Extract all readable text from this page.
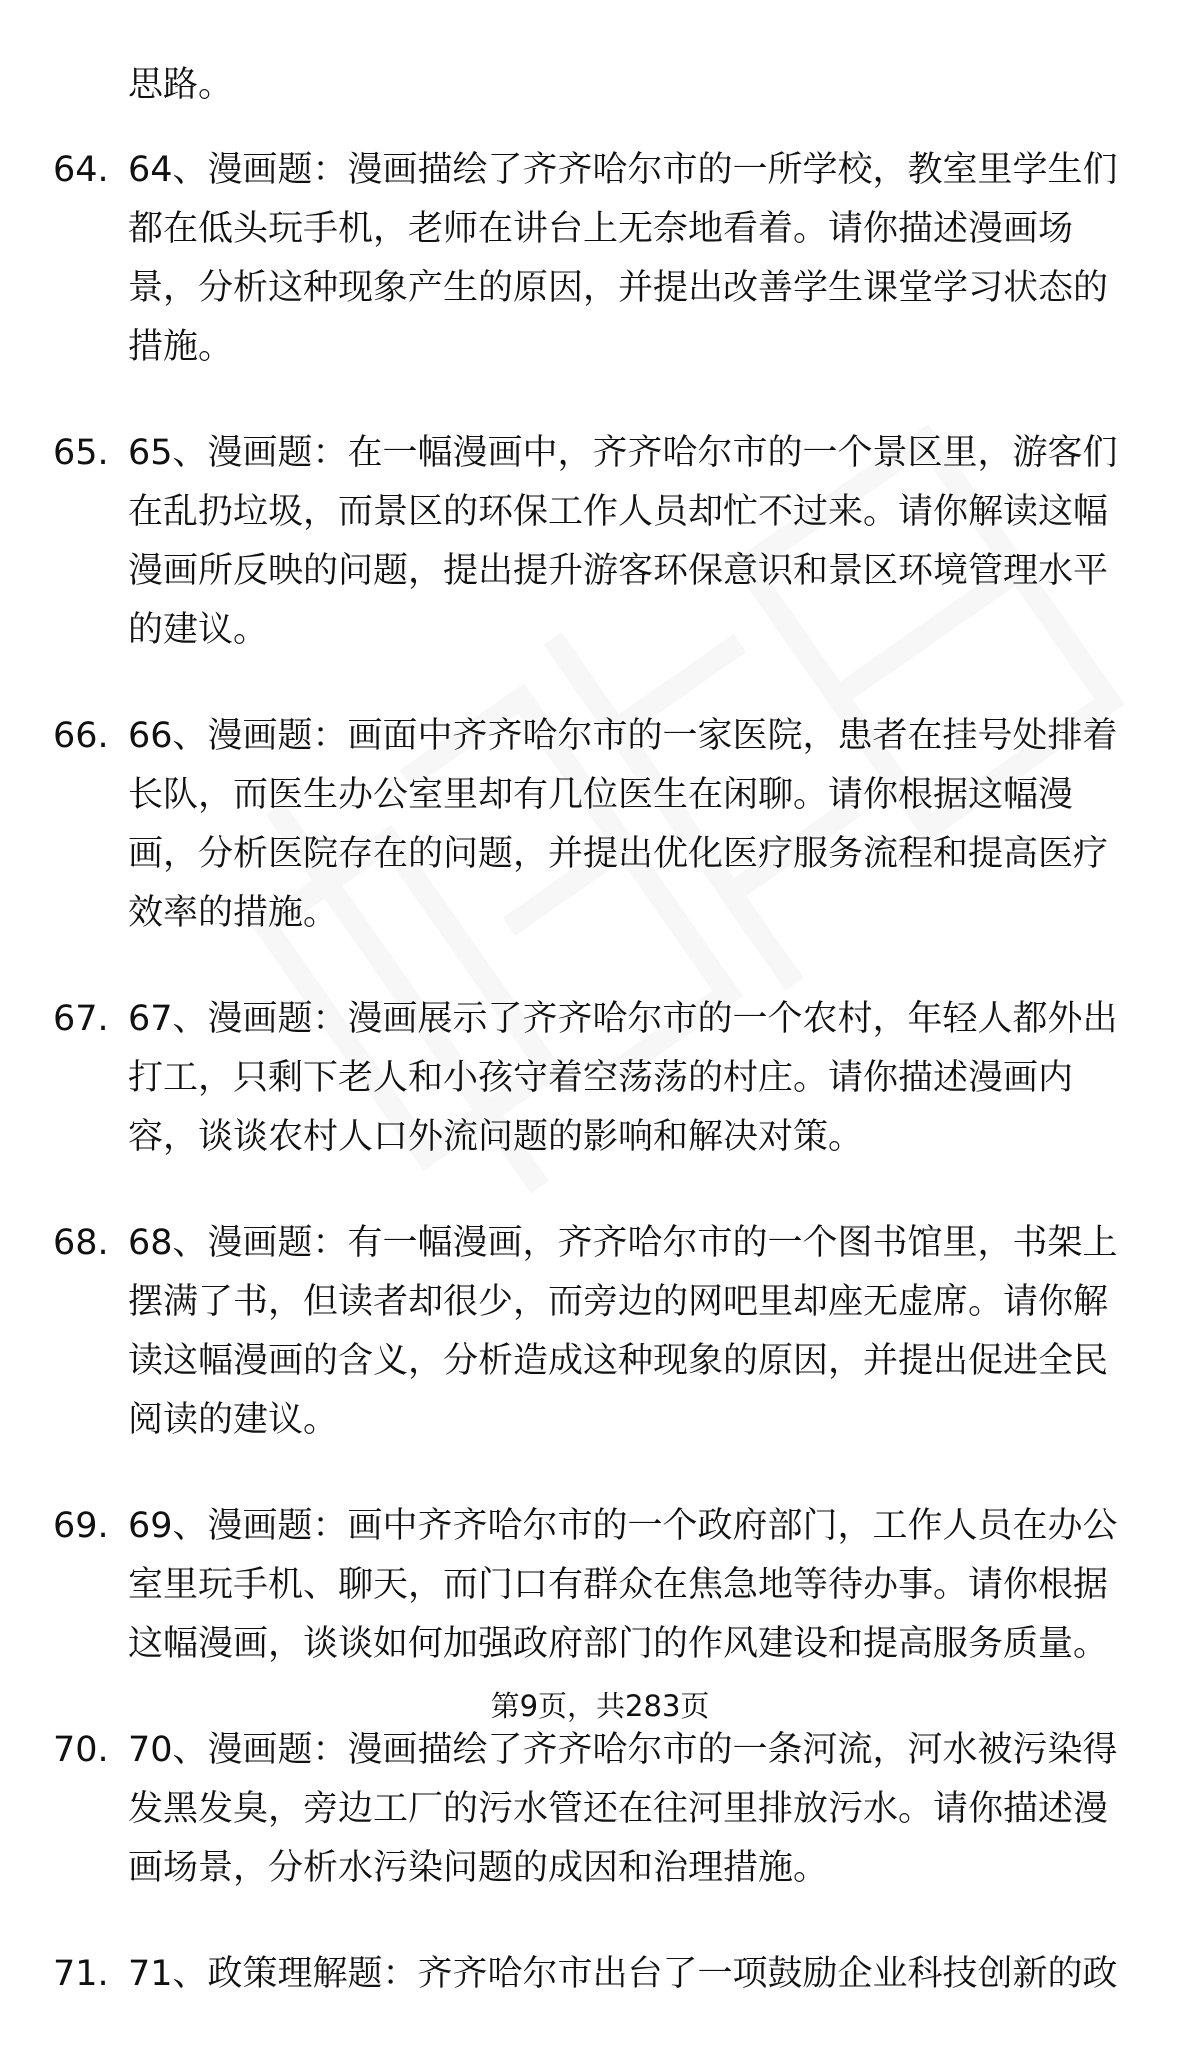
思路。
64. 64、漫画题：漫画描绘了齐齐哈尔市的一所学校，教室里学生们都在低头玩手机，老师在讲台上无奈地看着。请你描述漫画场景，分析这种现象产生的原因，并提出改善学生课堂学习状态的措施。
65. 65、漫画题：在一幅漫画中，齐齐哈尔市的一个景区里，游客们在乱扔垃圾，而景区的环保工作人员却忙不过来。请你解读这幅漫画所反映的问题，提出提升游客环保意识和景区环境管理水平的建议。
66. 66、漫画题：画面中齐齐哈尔市的一家医院，患者在挂号处排着长队，而医生办公室里却有几位医生在闲聊。请你根据这幅漫画，分析医院存在的问题，并提出优化医疗服务流程和提高医疗效率的措施。
67. 67、漫画题：漫画展示了齐齐哈尔市的一个农村，年轻人都外出打工，只剩下老人和小孩守着空荡荡的村庄。请你描述漫画内容，谈谈农村人口外流问题的影响和解决对策。
68. 68、漫画题：有一幅漫画，齐齐哈尔市的一个图书馆里，书架上摆满了书，但读者却很少，而旁边的网吧里却座无虚席。请你解读这幅漫画的含义，分析造成这种现象的原因，并提出促进全民阅读的建议。
69. 69、漫画题：画中齐齐哈尔市的一个政府部门，工作人员在办公室里玩手机、聊天，而门口有群众在焦急地等待办事。请你根据这幅漫画，谈谈如何加强政府部门的作风建设和提高服务质量。
70. 70、漫画题：漫画描绘了齐齐哈尔市的一条河流，河水被污染得发黑发臭，旁边工厂的污水管还在往河里排放污水。请你描述漫画场景，分析水污染问题的成因和治理措施。
71. 71、政策理解题：齐齐哈尔市出台了一项鼓励企业科技创新的政
第9页，共283页
